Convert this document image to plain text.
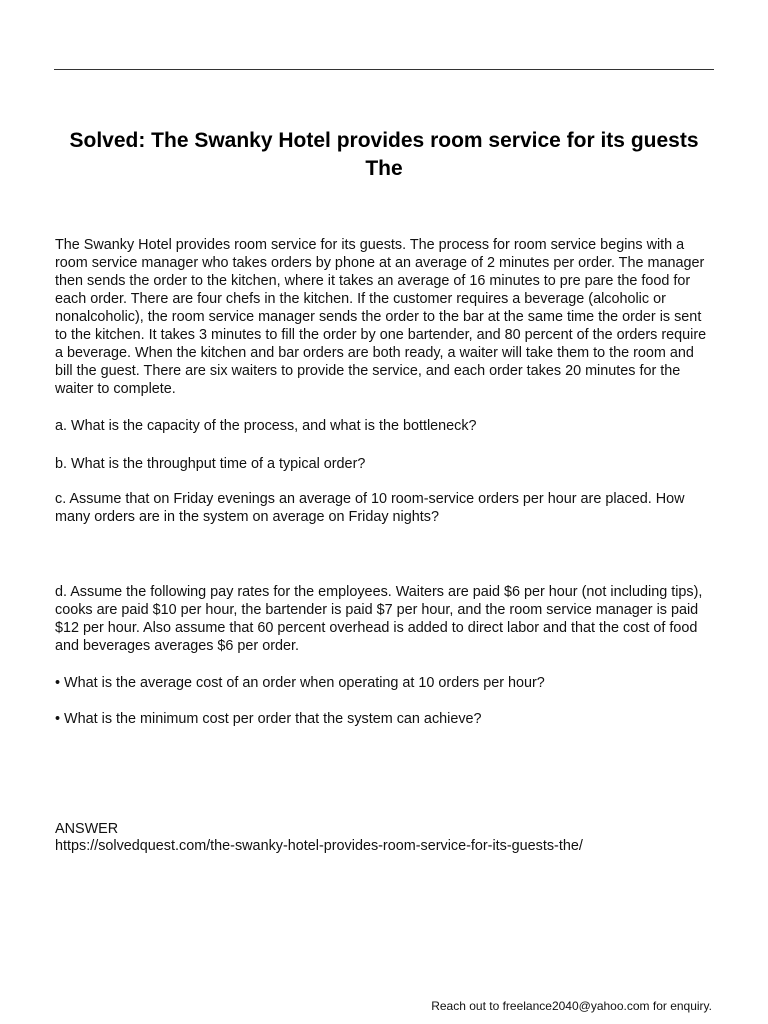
Solved: The Swanky Hotel provides room service for its guests The

The Swanky Hotel provides room service for its guests. The process for room service begins with a room service manager who takes orders by phone at an average of 2 minutes per order. The manager then sends the order to the kitchen, where it takes an average of 16 minutes to pre pare the food for each order. There are four chefs in the kitchen. If the customer requires a beverage (alcoholic or nonalcoholic), the room service manager sends the order to the bar at the same time the order is sent to the kitchen. It takes 3 minutes to fill the order by one bartender, and 80 percent of the orders require a beverage. When the kitchen and bar orders are both ready, a waiter will take them to the room and bill the guest. There are six waiters to provide the service, and each order takes 20 minutes for the waiter to complete.

a. What is the capacity of the process, and what is the bottleneck?

b. What is the throughput time of a typical order?

c. Assume that on Friday evenings an average of 10 room-service orders per hour are placed. How many orders are in the system on average on Friday nights?

d. Assume the following pay rates for the employees. Waiters are paid $6 per hour (not including tips), cooks are paid $10 per hour, the bartender is paid $7 per hour, and the room service manager is paid $12 per hour. Also assume that 60 percent overhead is added to direct labor and that the cost of food and beverages averages $6 per order.

• What is the average cost of an order when operating at 10 orders per hour?

• What is the minimum cost per order that the system can achieve?

ANSWER

https://solvedquest.com/the-swanky-hotel-provides-room-service-for-its-guests-the/

Reach out to freelance2040@yahoo.com for enquiry.
